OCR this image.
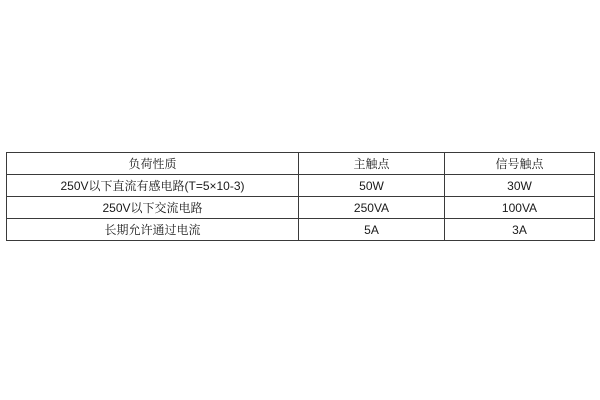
负荷性质	主触点	信号触点
250V以下直流有感电路(T=5×10-3)	50W	30W
250V以下交流电路	250VA	100VA
长期允许通过电流	5A	3A
